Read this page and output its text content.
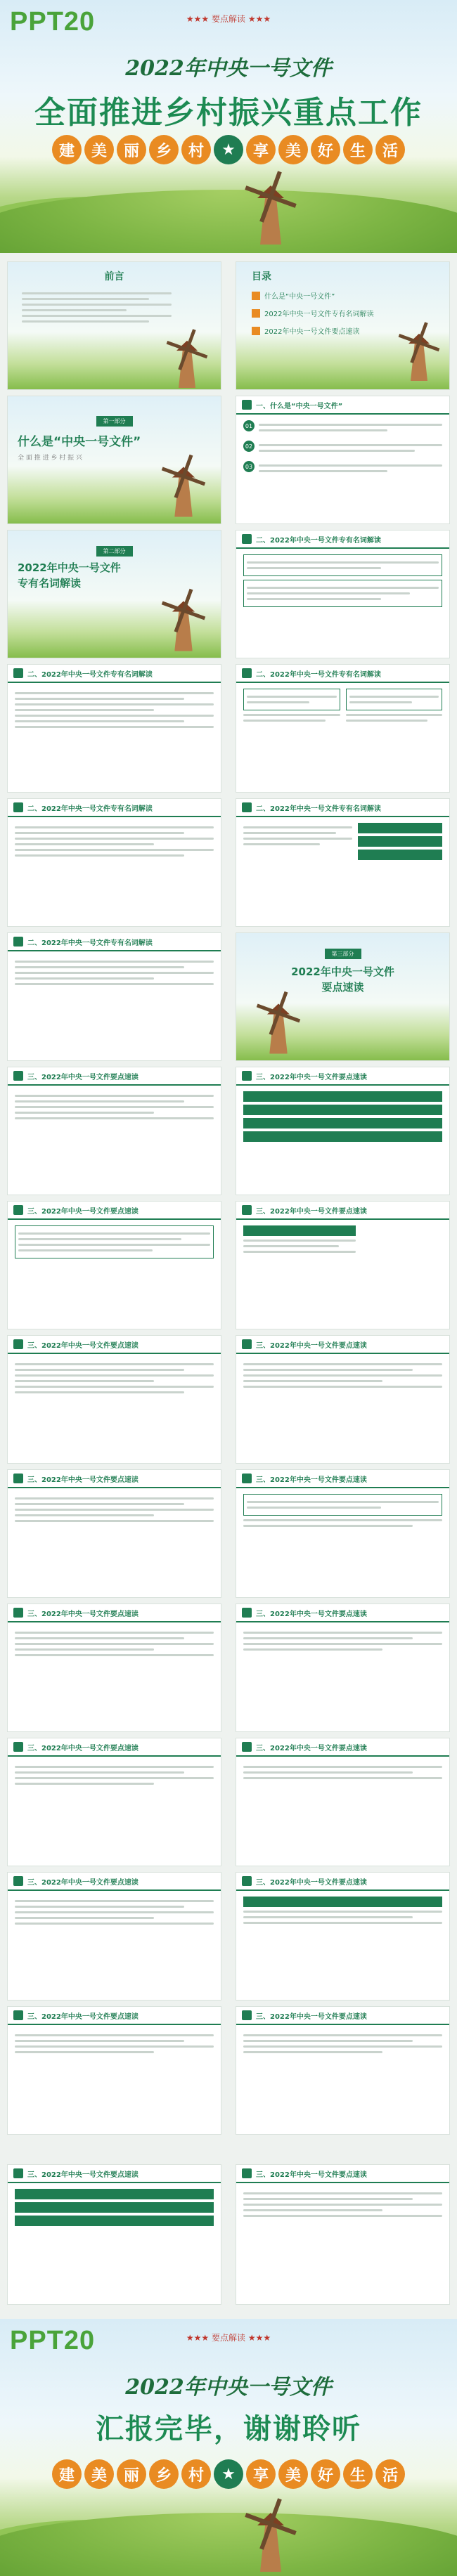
PPT20	★★★ 要点解读 ★★★
2022年中央一号文件
全面推进乡村振兴重点工作
建	美	丽	乡	村	★	享	美	好	生	活
前言	目录
什么是“中央一号文件”
2022年中央一号文件专有名词解读
2022年中央一号文件要点速读
第一部分
什么是“中央一号文件”
全 面 推 进 乡 村 振 兴
一、什么是“中央一号文件”
01
02
03
第二部分
2022年中央一号文件
专有名词解读
二、2022年中央一号文件专有名词解读
二、2022年中央一号文件专有名词解读	二、2022年中央一号文件专有名词解读
二、2022年中央一号文件专有名词解读	二、2022年中央一号文件专有名词解读

二、2022年中央一号文件专有名词解读
第三部分
2022年中央一号文件
要点速读
三、2022年中央一号文件要点速读	三、2022年中央一号文件要点速读

三、2022年中央一号文件要点速读	三、2022年中央一号文件要点速读

三、2022年中央一号文件要点速读	三、2022年中央一号文件要点速读
三、2022年中央一号文件要点速读	三、2022年中央一号文件要点速读
三、2022年中央一号文件要点速读	三、2022年中央一号文件要点速读
三、2022年中央一号文件要点速读	三、2022年中央一号文件要点速读
三、2022年中央一号文件要点速读	三、2022年中央一号文件要点速读

三、2022年中央一号文件要点速读	三、2022年中央一号文件要点速读
三、2022年中央一号文件要点速读

	三、2022年中央一号文件要点速读
PPT20	★★★ 要点解读 ★★★
2022年中央一号文件
汇报完毕，谢谢聆听
建	美	丽	乡	村	★	享	美	好	生	活
